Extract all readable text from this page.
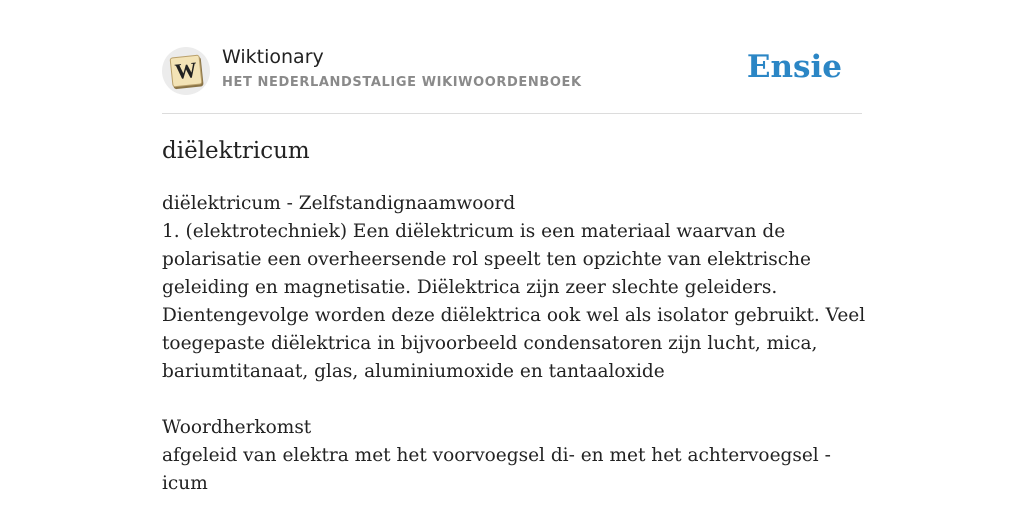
W Wiktionary
HET NEDERLANDSTALIGE WIKIWOORDENBOEK	Ensie
diëlektricum

diëlektricum - Zelfstandignaamwoord

1. (elektrotechniek) Een diëlektricum is een materiaal waarvan de polarisatie een overheersende rol speelt ten opzichte van elektrische geleiding en magnetisatie. Diëlektrica zijn zeer slechte geleiders. Dientengevolge worden deze diëlektrica ook wel als isolator gebruikt. Veel toegepaste diëlektrica in bijvoorbeeld condensatoren zijn lucht, mica, bariumtitanaat, glas, aluminiumoxide en tantaaloxide

Woordherkomst

afgeleid van elektra met het voorvoegsel di- en met het achtervoegsel -icum
